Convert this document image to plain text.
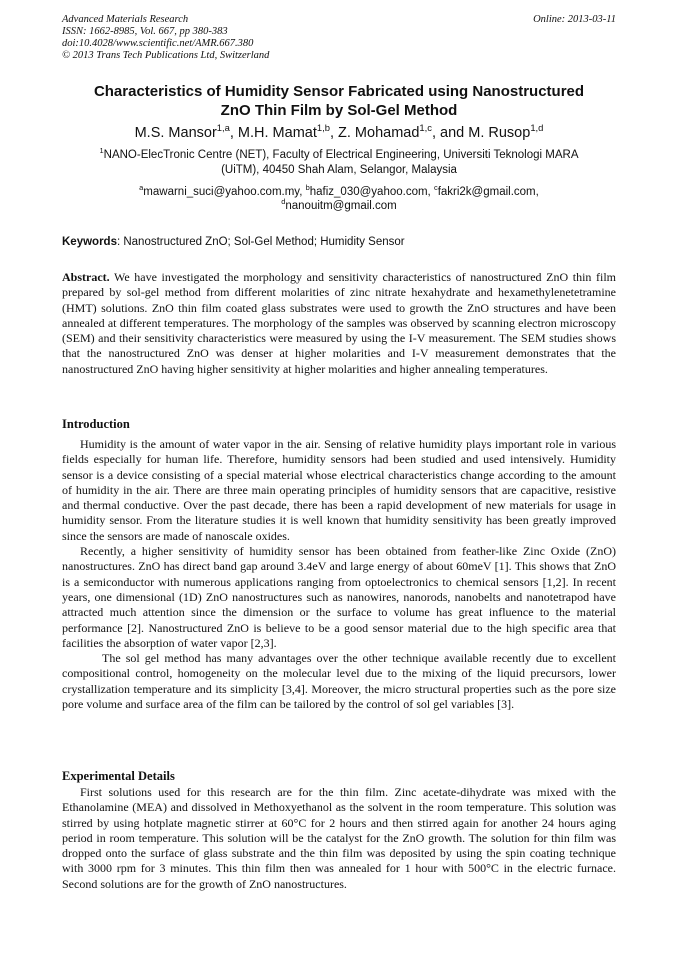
Advanced Materials Research
ISSN: 1662-8985, Vol. 667, pp 380-383
doi:10.4028/www.scientific.net/AMR.667.380
© 2013 Trans Tech Publications Ltd, Switzerland
Online: 2013-03-11
Characteristics of Humidity Sensor Fabricated using Nanostructured
ZnO Thin Film by Sol-Gel Method
M.S. Mansor$^{1,a}$, M.H. Mamat$^{1,b}$, Z. Mohamad$^{1,c}$, and M. Rusop$^{1,d}$
$^1$NANO-ElecTronic Centre (NET), Faculty of Electrical Engineering, Universiti Teknologi MARA
(UiTM), 40450 Shah Alam, Selangor, Malaysia
$^a$mawarni_suci@yahoo.com.my, $^b$hafiz_030@yahoo.com, $^c$fakri2k@gmail.com,
$^d$nanouitm@gmail.com
Keywords: Nanostructured ZnO; Sol-Gel Method; Humidity Sensor
Abstract. We have investigated the morphology and sensitivity characteristics of nanostructured ZnO thin film prepared by sol-gel method from different molarities of zinc nitrate hexahydrate and hexamethylenetetramine (HMT) solutions. ZnO thin film coated glass substrates were used to growth the ZnO structures and have been annealed at different temperatures. The morphology of the samples was observed by scanning electron microscopy (SEM) and their sensitivity characteristics were measured by using the I-V measurement. The SEM studies shows that the nanostructured ZnO was denser at higher molarities and I-V measurement demonstrates that the nanostructured ZnO having higher sensitivity at higher molarities and higher annealing temperatures.
Introduction

Humidity is the amount of water vapor in the air. Sensing of relative humidity plays important role in various fields especially for human life. Therefore, humidity sensors had been studied and used intensively. Humidity sensor is a device consisting of a special material whose electrical characteristics change according to the amount of humidity in the air. There are three main operating principles of humidity sensors that are capacitive, resistive and thermal conductive. Over the past decade, there has been a rapid development of new materials for usage in humidity sensor. From the literature studies it is well known that humidity sensitivity has been greatly improved since the sensors are made of nanoscale oxides.

Recently, a higher sensitivity of humidity sensor has been obtained from feather-like Zinc Oxide (ZnO) nanostructures. ZnO has direct band gap around 3.4eV and large energy of about 60meV [1]. This shows that ZnO is a semiconductor with numerous applications ranging from optoelectronics to chemical sensors [1,2]. In recent years, one dimensional (1D) ZnO nanostructures such as nanowires, nanorods, nanobelts and nanotetrapod have attracted much attention since the dimension or the surface to volume has great influence to the material performance [2]. Nanostructured ZnO is believe to be a good sensor material due to the high specific area that facilities the absorption of water vapor [2,3].

The sol gel method has many advantages over the other technique available recently due to excellent compositional control, homogeneity on the molecular level due to the mixing of the liquid precursors, lower crystallization temperature and its simplicity [3,4]. Moreover, the micro structural properties such as the pore size pore volume and surface area of the film can be tailored by the control of sol gel variables [3].

Experimental Details

First solutions used for this research are for the thin film. Zinc acetate-dihydrate was mixed with the Ethanolamine (MEA) and dissolved in Methoxyethanol as the solvent in the room temperature. This solution was stirred by using hotplate magnetic stirrer at 60°C for 2 hours and then stirred again for another 24 hours aging period in room temperature. This solution will be the catalyst for the ZnO growth. The solution for thin film was dropped onto the surface of glass substrate and the thin film was deposited by using the spin coating technique with 3000 rpm for 3 minutes. This thin film then was annealed for 1 hour with 500°C in the electric furnace. Second solutions are for the growth of ZnO nanostructures.
